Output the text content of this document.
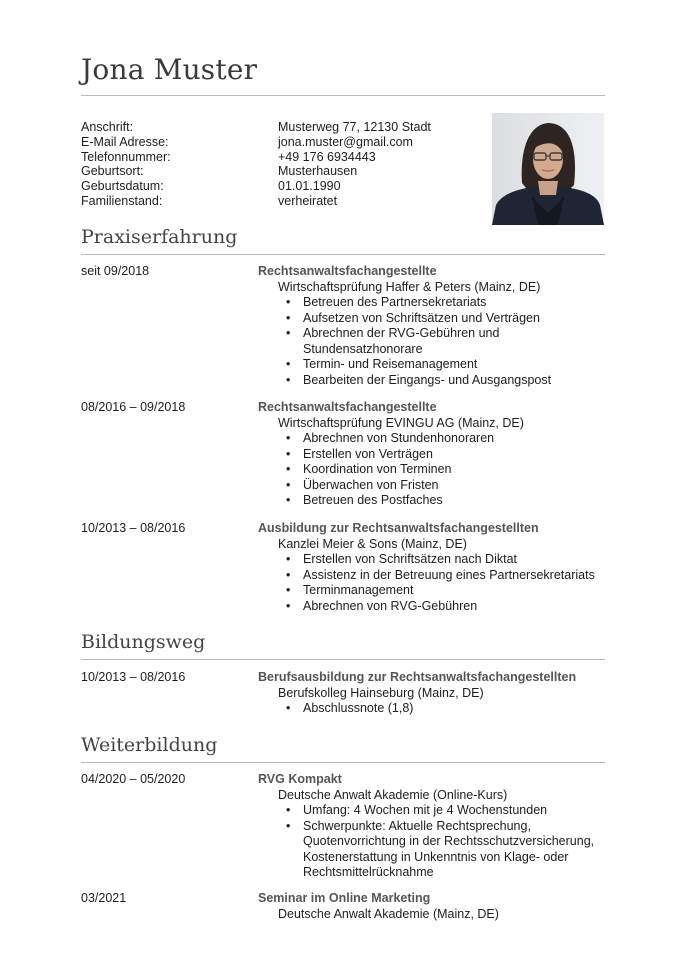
Jona Muster
Anschrift:	Musterweg 77, 12130 Stadt
E-Mail Adresse:	jona.muster@gmail.com
Telefonnummer:	+49 176 6934443
Geburtsort:	Musterhausen
Geburtsdatum:	01.01.1990
Familienstand:	verheiratet
Praxiserfahrung
seit 09/2018	Rechtsanwaltsfachangestellte
Wirtschaftsprüfung Haffer & Peters (Mainz, DE)
• Betreuen des Partnersekretariats
• Aufsetzen von Schriftsätzen und Verträgen
• Abrechnen der RVG-Gebühren und Stundensatzhonorare
• Termin- und Reisemanagement
• Bearbeiten der Eingangs- und Ausgangspost
08/2016 – 09/2018	Rechtsanwaltsfachangestellte
Wirtschaftsprüfung EVINGU AG (Mainz, DE)
• Abrechnen von Stundenhonoraren
• Erstellen von Verträgen
• Koordination von Terminen
• Überwachen von Fristen
• Betreuen des Postfaches
10/2013 – 08/2016	Ausbildung zur Rechtsanwaltsfachangestellten
Kanzlei Meier & Sons (Mainz, DE)
• Erstellen von Schriftsätzen nach Diktat
• Assistenz in der Betreuung eines Partnersekretariats
• Terminmanagement
• Abrechnen von RVG-Gebühren
Bildungsweg
10/2013 – 08/2016	Berufsausbildung zur Rechtsanwaltsfachangestellten
Berufskolleg Hainseburg (Mainz, DE)
• Abschlussnote (1,8)
Weiterbildung
04/2020 – 05/2020	RVG Kompakt
Deutsche Anwalt Akademie (Online-Kurs)
• Umfang: 4 Wochen mit je 4 Wochenstunden
• Schwerpunkte: Aktuelle Rechtsprechung, Quotenvorrichtung in der Rechtsschutzversicherung, Kostenerstattung in Unkenntnis von Klage- oder Rechtsmittelrücknahme
03/2021	Seminar im Online Marketing
Deutsche Anwalt Akademie (Mainz, DE)
